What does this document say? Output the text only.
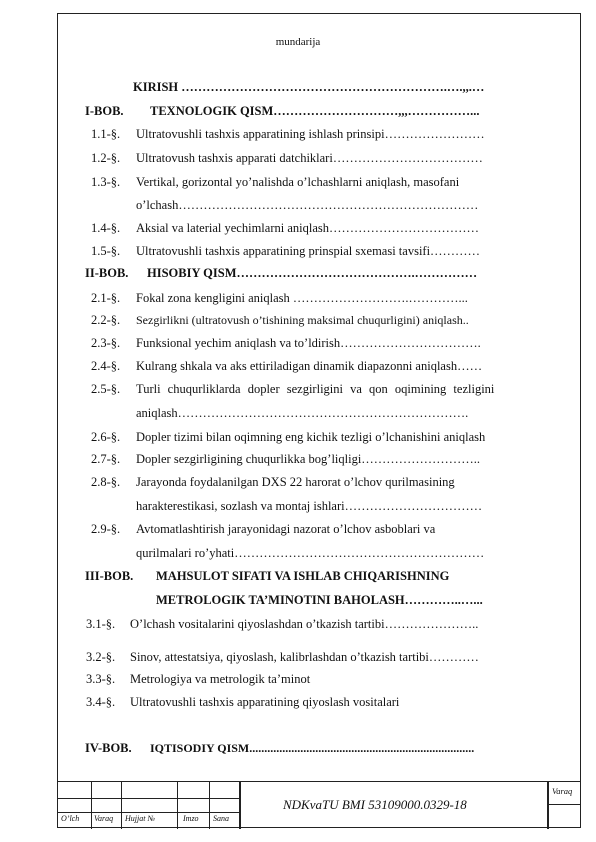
mundarija
KIRISH ……………………………………………………….….,,.…
I-BOB. TEXNOLOGIK QISM…………………………,,,……………...
1.1-§. Ultratovushli tashxis apparatining ishlash prinsipi……………………
1.2-§. Ultratovush tashxis apparati datchiklari………………………………
1.3-§. Vertikal, gorizontal yo’nalishda o’lchashlarni aniqlash, masofani
o’lchash………………………………………………………………
1.4-§. Aksial va laterial yechimlarni aniqlash………………………………
1.5-§. Ultratovushli tashxis apparatining prinspial sxemasi tavsifi…………
II-BOB. HISOBIY QISM…………………………………….……………
2.1-§. Fokal zona kengligini aniqlash ……………………….…………...
2.2-§. Sezgirlikni (ultratovush o’tishining maksimal chuqurligini) aniqlash..
2.3-§. Funksional yechim aniqlash va to’ldirish…………………………….
2.4-§. Kulrang shkala va aks ettiriladigan dinamik diapazonni aniqlash……
2.5-§. Turli chuqurliklarda dopler sezgirligini va qon oqimining tezligini
aniqlash…………………………………………………………….
2.6-§. Dopler tizimi bilan oqimning eng kichik tezligi o’lchanishini aniqlash
2.7-§. Dopler sezgirligining chuqurlikka bog’liqligi………………………..
2.8-§. Jarayonda foydalanilgan DXS 22 harorat o’lchov qurilmasining
harakterestikasi, sozlash va montaj ishlari……………………………
2.9-§. Avtomatlashtirish jarayonidagi nazorat o’lchov asboblari va
qurilmalari ro’yhati……………………………………………………
III-BOB. MAHSULOT SIFATI VA ISHLAB CHIQARISHNING
METROLOGIK TA’MINOTINI BAHOLASH…………..…...
3.1-§. O’lchash vositalarini qiyoslashdan o’tkazish tartibi…………………..
3.2-§. Sinov, attestatsiya, qiyoslash, kalibrlashdan o’tkazish tartibi…………
3.3-§. Metrologiya va metrologik ta’minot
3.4-§. Ultratovushli tashxis apparatining qiyoslash vositalari
IV-BOB. IQTISODIY QISM...........................................................................
O’lch Varaq Hujjat №	Imzo Sana
NDKvaTU BMI 53109000.0329-18
Varaq
